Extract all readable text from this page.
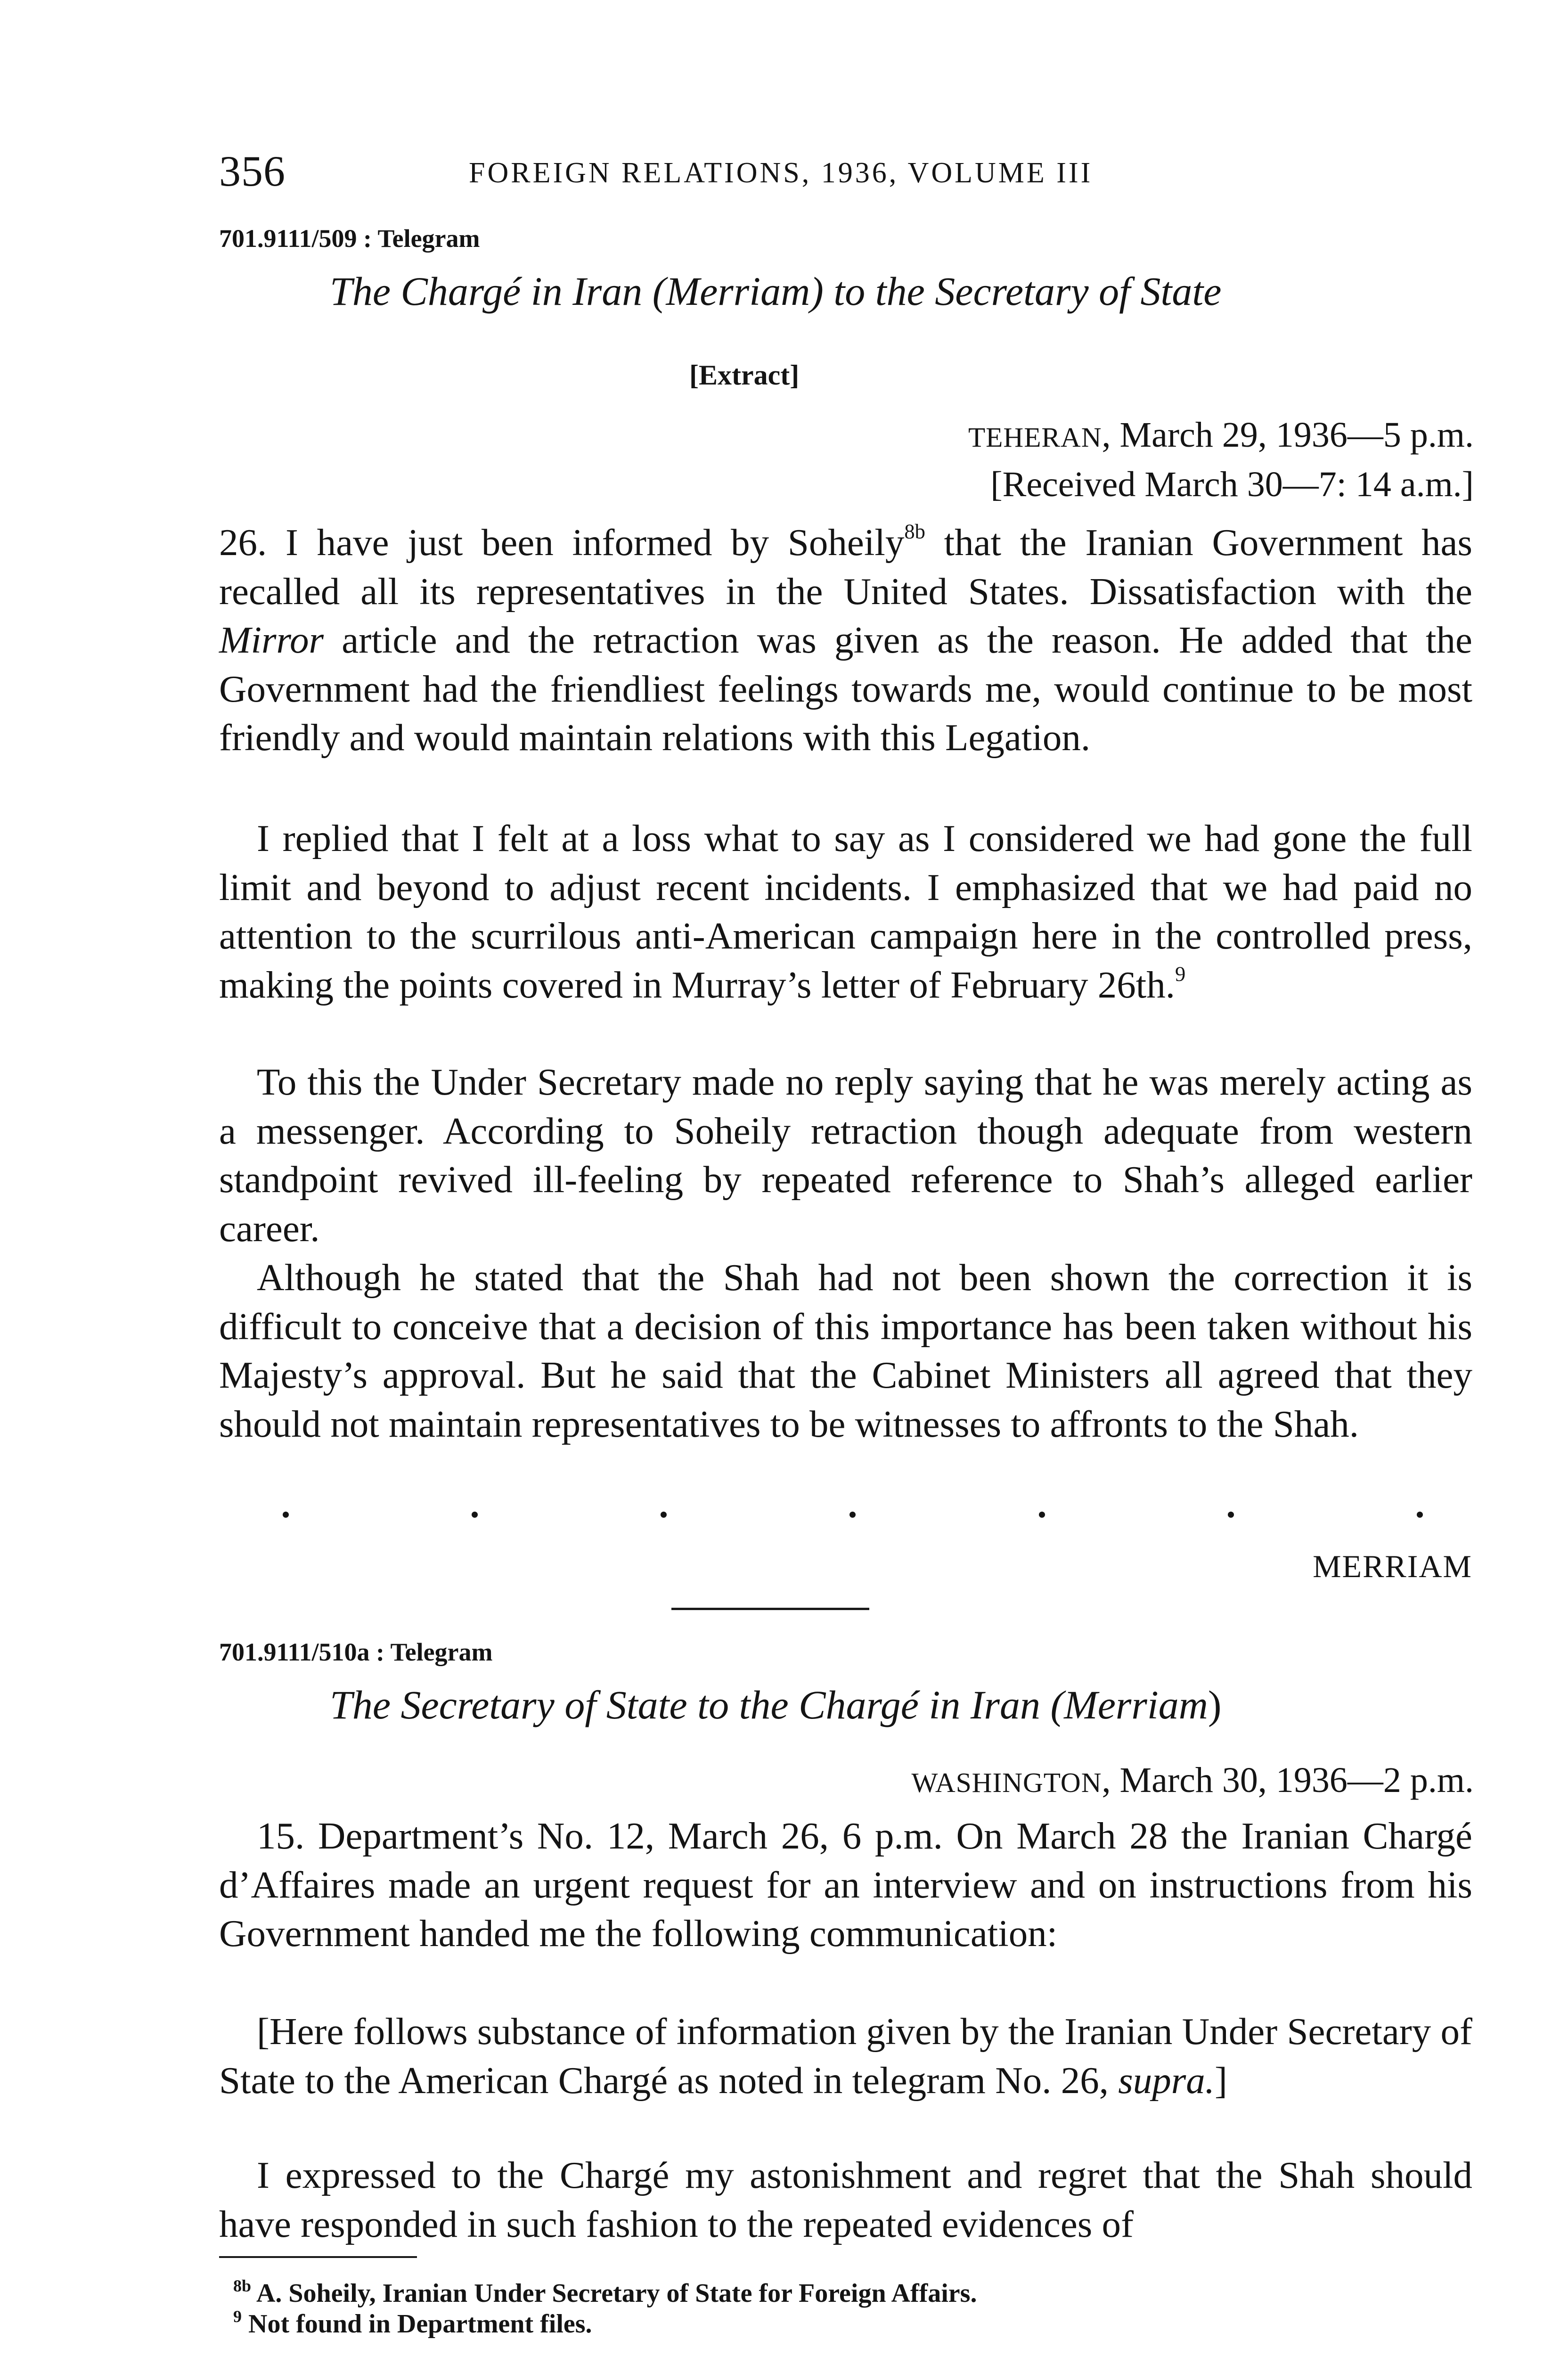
356	FOREIGN RELATIONS, 1936, VOLUME III
701.9111/509 : Telegram
The Chargé in Iran (Merriam) to the Secretary of State
[Extract]
TEHERAN, March 29, 1936—5 p.m.
[Received March 30—7: 14 a.m.]

26. I have just been informed by Soheily$^{8b}$ that the Iranian Government has recalled all its representatives in the United States. Dissatisfaction with the Mirror article and the retraction was given as the reason. He added that the Government had the friendliest feelings towards me, would continue to be most friendly and would maintain relations with this Legation.

I replied that I felt at a loss what to say as I considered we had gone the full limit and beyond to adjust recent incidents. I emphasized that we had paid no attention to the scurrilous anti-American campaign here in the controlled press, making the points covered in Murray’s letter of February 26th.$^9$

To this the Under Secretary made no reply saying that he was merely acting as a messenger. According to Soheily retraction though adequate from western standpoint revived ill-feeling by repeated reference to Shah’s alleged earlier career.

Although he stated that the Shah had not been shown the correction it is difficult to conceive that a decision of this importance has been taken without his Majesty’s approval. But he said that the Cabinet Ministers all agreed that they should not maintain representatives to be witnesses to affronts to the Shah.

MERRIAM
701.9111/510a : Telegram
The Secretary of State to the Chargé in Iran (Merriam)
WASHINGTON, March 30, 1936—2 p.m.

15. Department’s No. 12, March 26, 6 p.m. On March 28 the Iranian Chargé d’Affaires made an urgent request for an interview and on instructions from his Government handed me the following communication:

[Here follows substance of information given by the Iranian Under Secretary of State to the American Chargé as noted in telegram No. 26, supra.]

I expressed to the Chargé my astonishment and regret that the Shah should have responded in such fashion to the repeated evidences of

$^{8b}$ A. Soheily, Iranian Under Secretary of State for Foreign Affairs.
$^9$ Not found in Department files.
